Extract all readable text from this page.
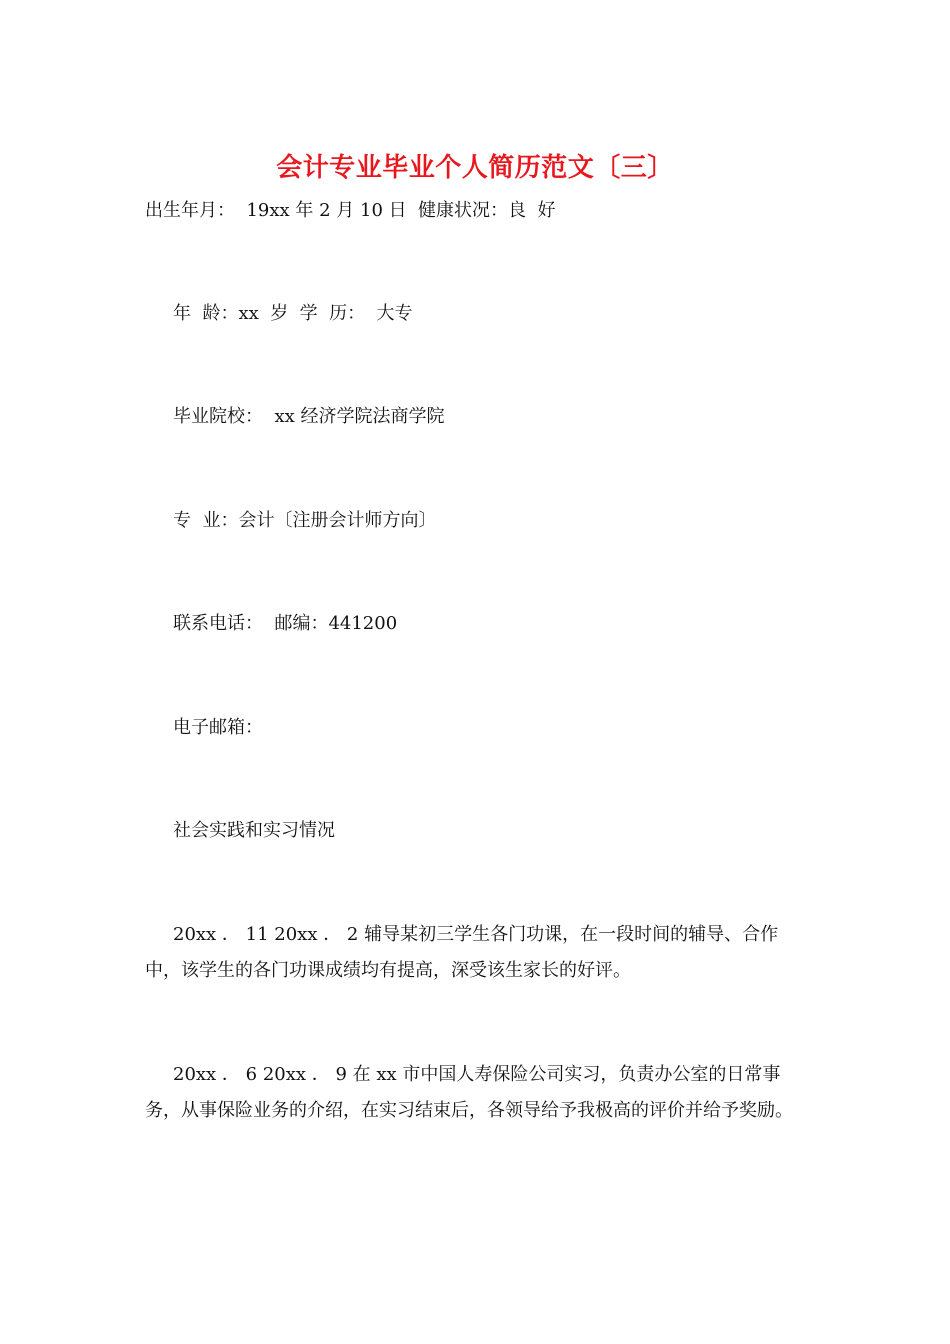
会计专业毕业个人简历范文〔三〕
出生年月：  19xx 年 2 月 10 日  健康状况：良  好
年  龄：xx  岁  学  历：  大专
毕业院校：  xx 经济学院法商学院
专  业：会计〔注册会计师方向〕
联系电话：  邮编：441200
电子邮箱：
社会实践和实习情况
20xx ． 11 20xx ． 2 辅导某初三学生各门功课，在一段时间的辅导、合作中，该学生的各门功课成绩均有提高，深受该生家长的好评。
20xx ． 6 20xx ． 9 在 xx 市中国人寿保险公司实习，负责办公室的日常事务，从事保险业务的介绍，在实习结束后，各领导给予我极高的评价并给予奖励。
